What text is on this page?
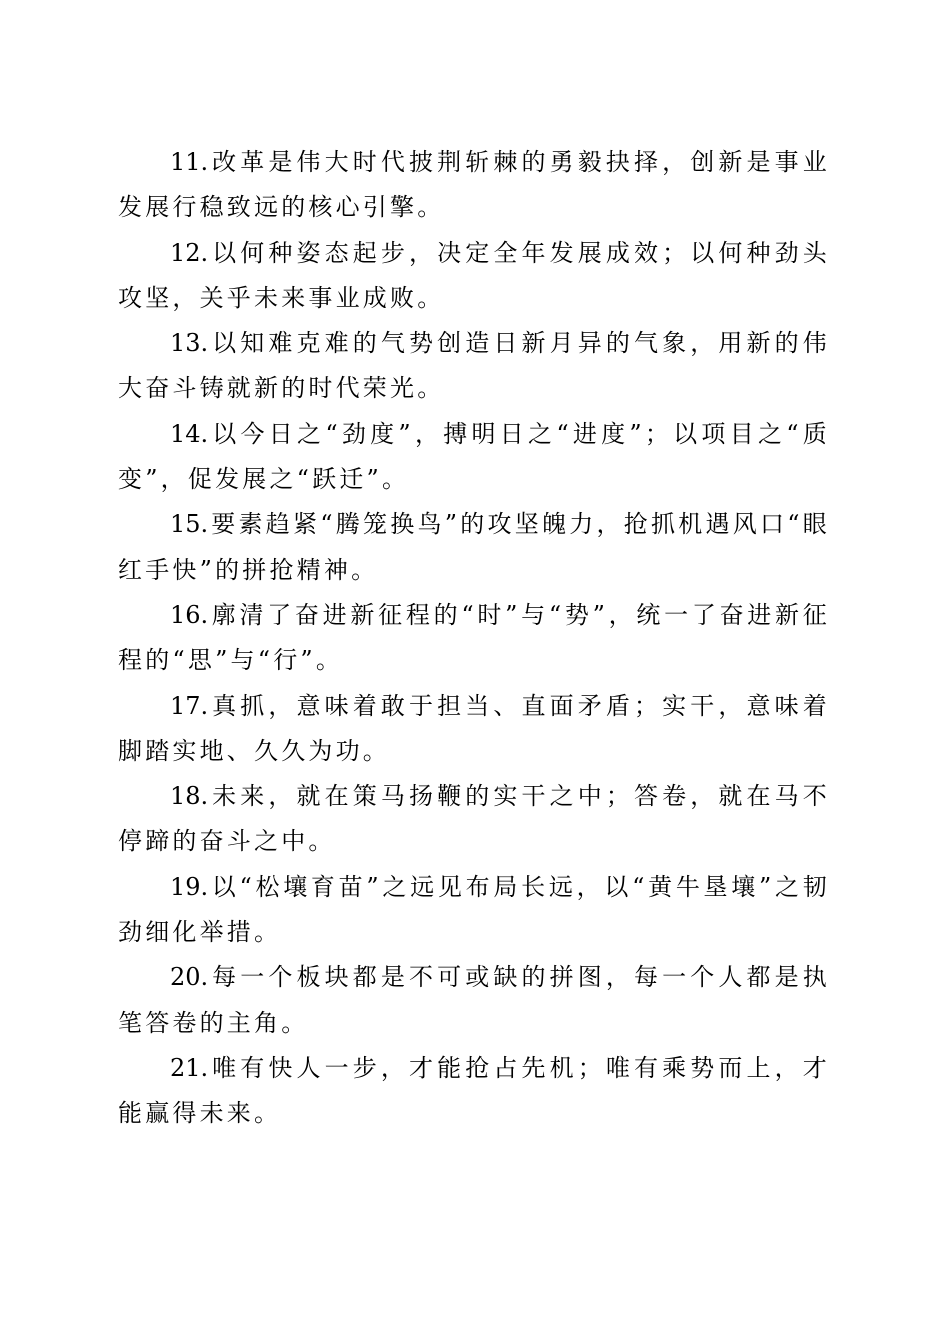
11. 改革是伟大时代披荆斩棘的勇毅抉择，创新是事业发展行稳致远的核心引擎。

12. 以何种姿态起步，决定全年发展成效；以何种劲头攻坚，关乎未来事业成败。

13. 以知难克难的气势创造日新月异的气象，用新的伟大奋斗铸就新的时代荣光。

14. 以今日之“劲度”，搏明日之“进度”；以项目之“质变”，促发展之“跃迁”。

15. 要素趋紧“腾笼换鸟”的攻坚魄力，抢抓机遇风口“眼红手快”的拼抢精神。

16. 廓清了奋进新征程的“时”与“势”，统一了奋进新征程的“思”与“行”。

17. 真抓，意味着敢于担当、直面矛盾；实干，意味着脚踏实地、久久为功。

18. 未来，就在策马扬鞭的实干之中；答卷，就在马不停蹄的奋斗之中。

19. 以“松壤育苗”之远见布局长远，以“黄牛垦壤”之韧劲细化举措。

20. 每一个板块都是不可或缺的拼图，每一个人都是执笔答卷的主角。

21. 唯有快人一步，才能抢占先机；唯有乘势而上，才能赢得未来。
